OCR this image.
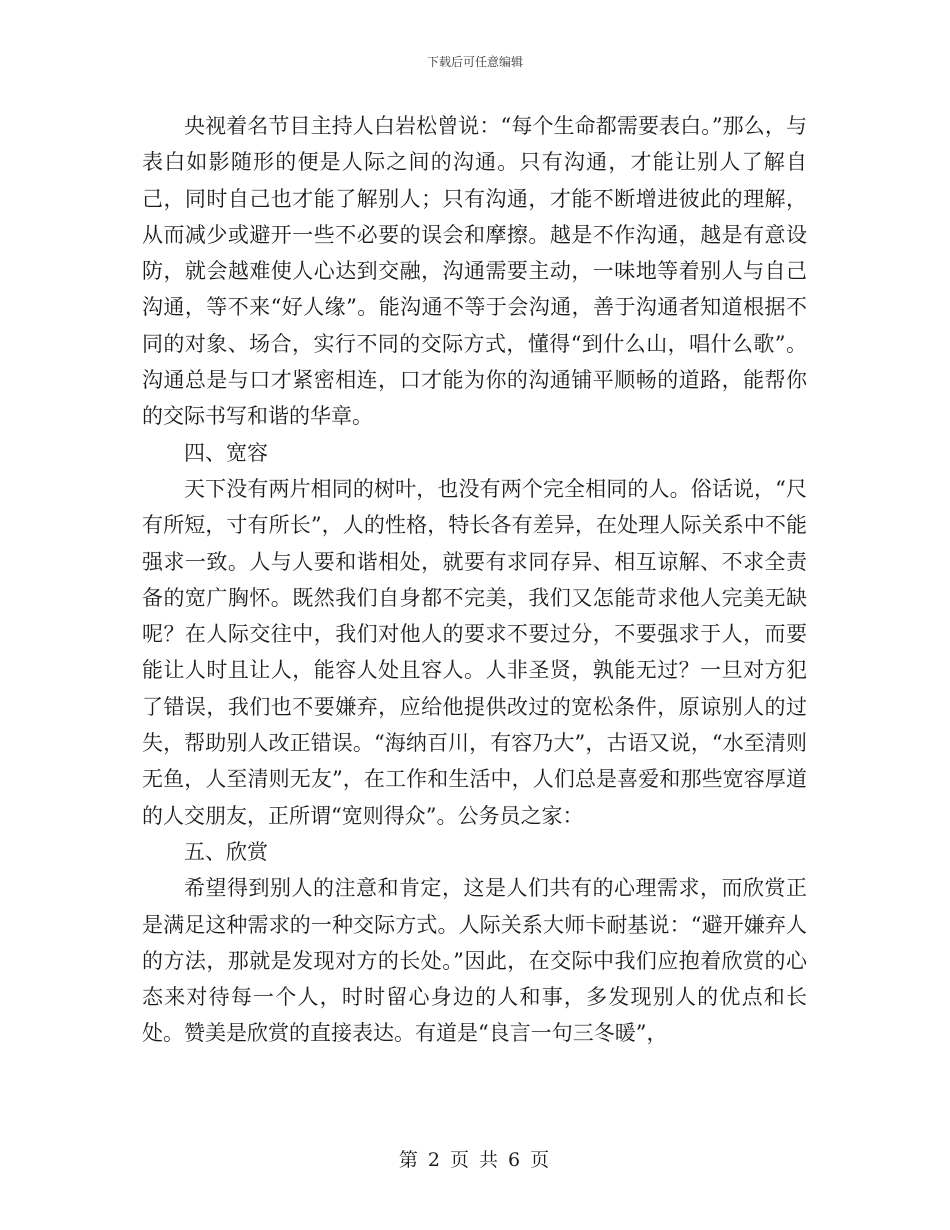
下载后可任意编辑

央视着名节目主持人白岩松曾说：“每个生命都需要表白。”那么，与表白如影随形的便是人际之间的沟通。只有沟通，才能让别人了解自己，同时自己也才能了解别人；只有沟通，才能不断增进彼此的理解，从而减少或避开一些不必要的误会和摩擦。越是不作沟通，越是有意设防，就会越难使人心达到交融，沟通需要主动，一味地等着别人与自己沟通，等不来“好人缘”。能沟通不等于会沟通，善于沟通者知道根据不同的对象、场合，实行不同的交际方式，懂得“到什么山，唱什么歌”。沟通总是与口才紧密相连，口才能为你的沟通铺平顺畅的道路，能帮你的交际书写和谐的华章。

四、宽容

天下没有两片相同的树叶，也没有两个完全相同的人。俗话说，“尺有所短，寸有所长”，人的性格，特长各有差异，在处理人际关系中不能强求一致。人与人要和谐相处，就要有求同存异、相互谅解、不求全责备的宽广胸怀。既然我们自身都不完美，我们又怎能苛求他人完美无缺呢？在人际交往中，我们对他人的要求不要过分，不要强求于人，而要能让人时且让人，能容人处且容人。人非圣贤，孰能无过？一旦对方犯了错误，我们也不要嫌弃，应给他提供改过的宽松条件，原谅别人的过失，帮助别人改正错误。“海纳百川，有容乃大”，古语又说，“水至清则无鱼，人至清则无友”，在工作和生活中，人们总是喜爱和那些宽容厚道的人交朋友，正所谓“宽则得众”。公务员之家：

五、欣赏

希望得到别人的注意和肯定，这是人们共有的心理需求，而欣赏正是满足这种需求的一种交际方式。人际关系大师卡耐基说：“避开嫌弃人的方法，那就是发现对方的长处。”因此，在交际中我们应抱着欣赏的心态来对待每一个人，时时留心身边的人和事，多发现别人的优点和长处。赞美是欣赏的直接表达。有道是“良言一句三冬暖”，

第 2 页 共 6 页
